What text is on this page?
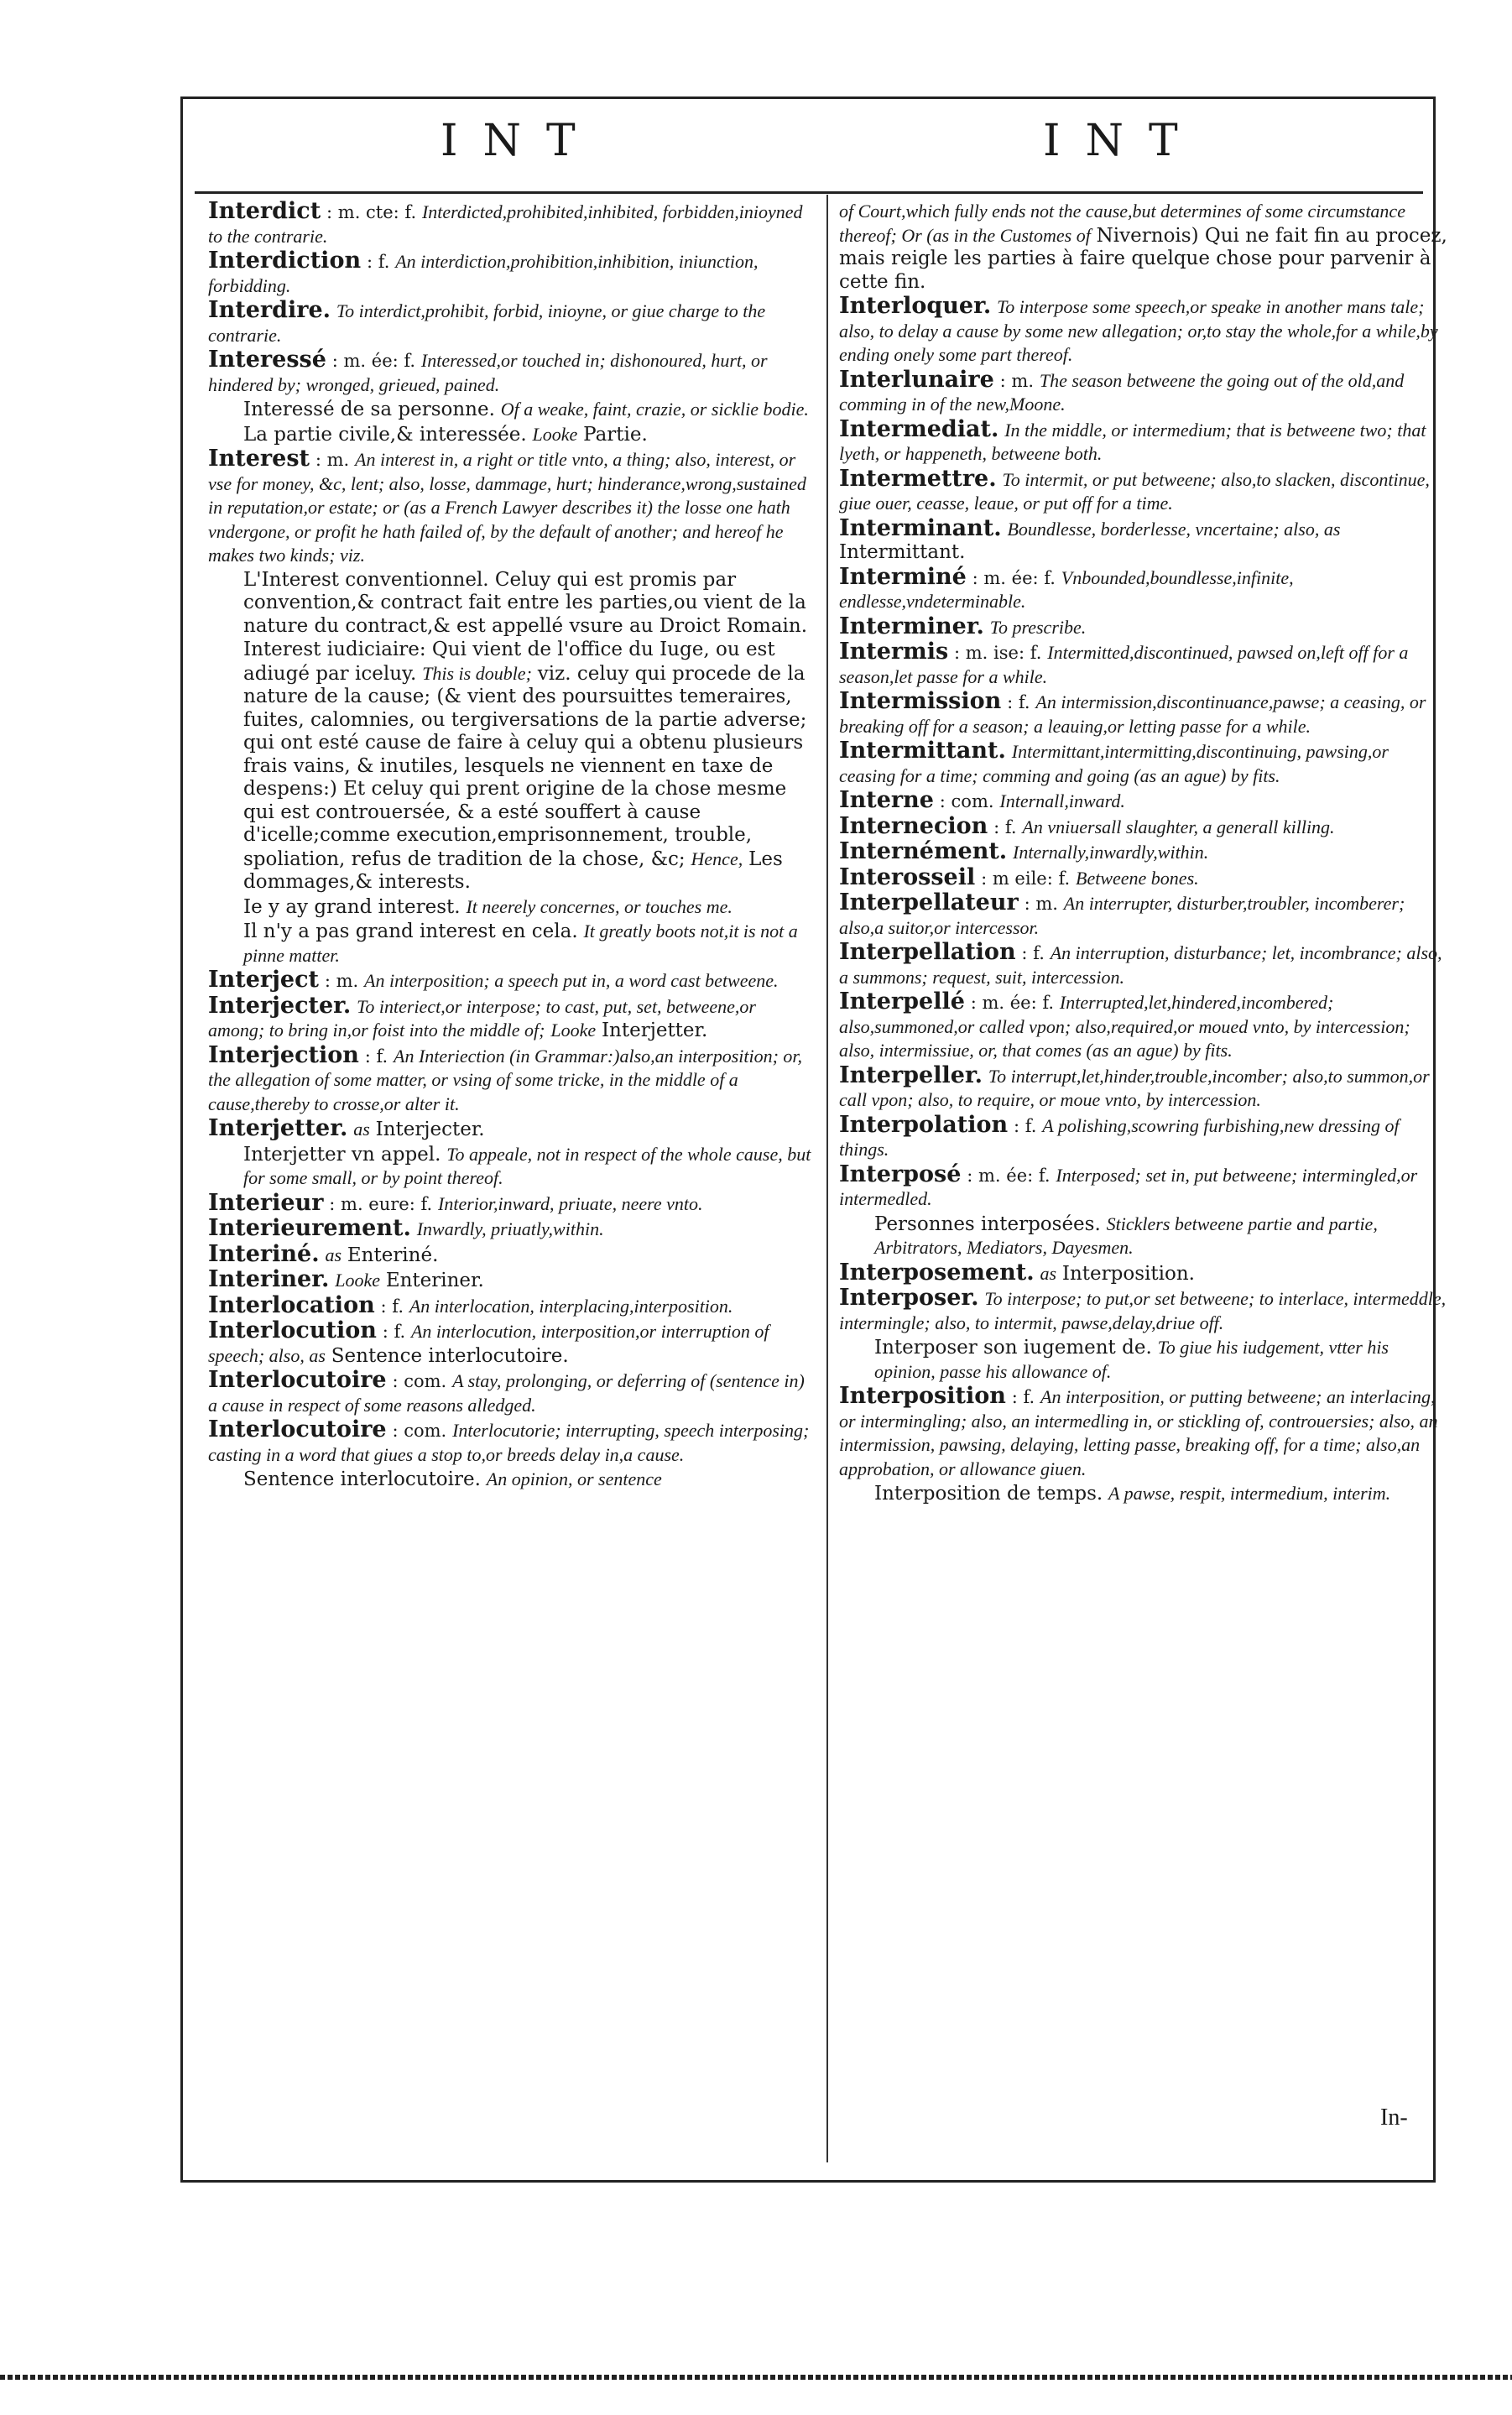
INT	INT

Interdict : m. cte: f. Interdicted,prohibited,inhibited, forbidden,inioyned to the contrarie.

Interdiction : f. An interdiction,prohibition,inhibition, iniunction, forbidding.

Interdire. To interdict,prohibit, forbid, inioyne, or giue charge to the contrarie.

Interessé : m. ée: f. Interessed,or touched in; dishonoured, hurt, or hindered by; wronged, grieued, pained.

Interessé de sa personne. Of a weake, faint, crazie, or sicklie bodie.

La partie civile,& interessée. Looke Partie.

Interest : m. An interest in, a right or title vnto, a thing; also, interest, or vse for money, &c, lent; also, losse, dammage, hurt; hinderance,wrong,sustained in reputation,or estate; or (as a French Lawyer describes it) the losse one hath vndergone, or profit he hath failed of, by the default of another; and hereof he makes two kinds; viz.

L'Interest conventionnel. Celuy qui est promis par convention,& contract fait entre les parties,ou vient de la nature du contract,& est appellé vsure au Droict Romain.

Interest iudiciaire: Qui vient de l'office du Iuge, ou est adiugé par iceluy. This is double; viz. celuy qui procede de la nature de la cause; (& vient des poursuittes temeraires, fuites, calomnies, ou tergiversations de la partie adverse; qui ont esté cause de faire à celuy qui a obtenu plusieurs frais vains, & inutiles, lesquels ne viennent en taxe de despens:) Et celuy qui prent origine de la chose mesme qui est controuersée, & a esté souffert à cause d'icelle;comme execution,emprisonnement, trouble, spoliation, refus de tradition de la chose, &c; Hence, Les dommages,& interests.

Ie y ay grand interest. It neerely concernes, or touches me.

Il n'y a pas grand interest en cela. It greatly boots not,it is not a pinne matter.

Interject : m. An interposition; a speech put in, a word cast betweene.

Interjecter. To interiect,or interpose; to cast, put, set, betweene,or among; to bring in,or foist into the middle of; Looke Interjetter.

Interjection : f. An Interiection (in Grammar:)also,an interposition; or, the allegation of some matter, or vsing of some tricke, in the middle of a cause,thereby to crosse,or alter it.

Interjetter. as Interjecter.

Interjetter vn appel. To appeale, not in respect of the whole cause, but for some small, or by point thereof.

Interieur : m. eure: f. Interior,inward, priuate, neere vnto.

Interieurement. Inwardly, priuatly,within.

Interiné. as Enteriné.

Interiner. Looke Enteriner.

Interlocation : f. An interlocation, interplacing,interposition.

Interlocution : f. An interlocution, interposition,or interruption of speech; also, as Sentence interlocutoire.

Interlocutoire : com. A stay, prolonging, or deferring of (sentence in) a cause in respect of some reasons alledged.

Interlocutoire : com. Interlocutorie; interrupting, speech interposing; casting in a word that giues a stop to,or breeds delay in,a cause.

Sentence interlocutoire. An opinion, or sentence

of Court,which fully ends not the cause,but determines of some circumstance thereof; Or (as in the Customes of Nivernois) Qui ne fait fin au procez, mais reigle les parties à faire quelque chose pour parvenir à cette fin.

Interloquer. To interpose some speech,or speake in another mans tale; also, to delay a cause by some new allegation; or,to stay the whole,for a while,by ending onely some part thereof.

Interlunaire : m. The season betweene the going out of the old,and comming in of the new,Moone.

Intermediat. In the middle, or intermedium; that is betweene two; that lyeth, or happeneth, betweene both.

Intermettre. To intermit, or put betweene; also,to slacken, discontinue, giue ouer, ceasse, leaue, or put off for a time.

Interminant. Boundlesse, borderlesse, vncertaine; also, as Intermittant.

Interminé : m. ée: f. Vnbounded,boundlesse,infinite, endlesse,vndeterminable.

Interminer. To prescribe.

Intermis : m. ise: f. Intermitted,discontinued, pawsed on,left off for a season,let passe for a while.

Intermission : f. An intermission,discontinuance,pawse; a ceasing, or breaking off for a season; a leauing,or letting passe for a while.

Intermittant. Intermittant,intermitting,discontinuing, pawsing,or ceasing for a time; comming and going (as an ague) by fits.

Interne : com. Internall,inward.

Internecion : f. An vniuersall slaughter, a generall killing.

Internément. Internally,inwardly,within.

Interosseil : m eile: f. Betweene bones.

Interpellateur : m. An interrupter, disturber,troubler, incomberer; also,a suitor,or intercessor.

Interpellation : f. An interruption, disturbance; let, incombrance; also, a summons; request, suit, intercession.

Interpellé : m. ée: f. Interrupted,let,hindered,incombered; also,summoned,or called vpon; also,required,or moued vnto, by intercession; also, intermissiue, or, that comes (as an ague) by fits.

Interpeller. To interrupt,let,hinder,trouble,incomber; also,to summon,or call vpon; also, to require, or moue vnto, by intercession.

Interpolation : f. A polishing,scowring furbishing,new dressing of things.

Interposé : m. ée: f. Interposed; set in, put betweene; intermingled,or intermedled.

Personnes interposées. Sticklers betweene partie and partie, Arbitrators, Mediators, Dayesmen.

Interposement. as Interposition.

Interposer. To interpose; to put,or set betweene; to interlace, intermeddle, intermingle; also, to intermit, pawse,delay,driue off.

Interposer son iugement de. To giue his iudgement, vtter his opinion, passe his allowance of.

Interposition : f. An interposition, or putting betweene; an interlacing, or intermingling; also, an intermedling in, or stickling of, controuersies; also, an intermission, pawsing, delaying, letting passe, breaking off, for a time; also,an approbation, or allowance giuen.

Interposition de temps. A pawse, respit, intermedium, interim.

In-
